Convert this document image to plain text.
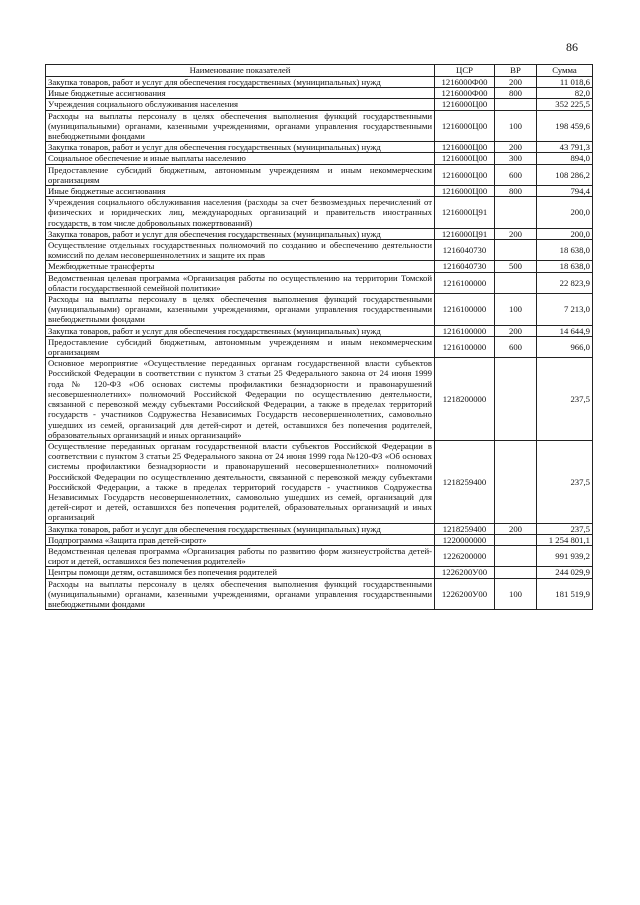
86
Наименование показателей	ЦСР	ВР	Сумма
Закупка товаров, работ и услуг для обеспечения государственных (муниципальных) нужд	1216000Ф00	200	11 018,6
Иные бюджетные ассигнования	1216000Ф00	800	82,0
Учреждения социального обслуживания населения	1216000Ц00		352 225,5
Расходы на выплаты персоналу в целях обеспечения выполнения функций государственными (муниципальными) органами, казенными учреждениями, органами управления государственными внебюджетными фондами	1216000Ц00	100	198 459,6
Закупка товаров, работ и услуг для обеспечения государственных (муниципальных) нужд	1216000Ц00	200	43 791,3
Социальное обеспечение и иные выплаты населению	1216000Ц00	300	894,0
Предоставление субсидий бюджетным, автономным учреждениям и иным некоммерческим организациям	1216000Ц00	600	108 286,2
Иные бюджетные ассигнования	1216000Ц00	800	794,4
Учреждения социального обслуживания населения (расходы за счет безвозмездных перечислений от физических и юридических лиц, международных организаций и правительств иностранных государств, в том числе добровольных пожертвований)	1216000Ц91		200,0
Закупка товаров, работ и услуг для обеспечения государственных (муниципальных) нужд	1216000Ц91	200	200,0
Осуществление отдельных государственных полномочий по созданию и обеспечению деятельности комиссий по делам несовершеннолетних и защите их прав	1216040730		18 638,0
Межбюджетные трансферты	1216040730	500	18 638,0
Ведомственная целевая программа «Организация работы по осуществлению на территории Томской области государственной семейной политики»	1216100000		22 823,9
Расходы на выплаты персоналу в целях обеспечения выполнения функций государственными (муниципальными) органами, казенными учреждениями, органами управления государственными внебюджетными фондами	1216100000	100	7 213,0
Закупка товаров, работ и услуг для обеспечения государственных (муниципальных) нужд	1216100000	200	14 644,9
Предоставление субсидий бюджетным, автономным учреждениям и иным некоммерческим организациям	1216100000	600	966,0
Основное мероприятие «Осуществление переданных органам государственной власти субъектов Российской Федерации в соответствии с пунктом 3 статьи 25 Федерального закона от 24 июня 1999 года № 120-ФЗ «Об основах системы профилактики безнадзорности и правонарушений несовершеннолетних» полномочий Российской Федерации по осуществлению деятельности, связанной с перевозкой между субъектами Российской Федерации, а также в пределах территорий государств - участников Содружества Независимых Государств несовершеннолетних, самовольно ушедших из семей, организаций для детей-сирот и детей, оставшихся без попечения родителей, образовательных организаций и иных организаций»	1218200000		237,5
Осуществление переданных органам государственной власти субъектов Российской Федерации в соответствии с пунктом 3 статьи 25 Федерального закона от 24 июня 1999 года №120-ФЗ «Об основах системы профилактики безнадзорности и правонарушений несовершеннолетних» полномочий Российской Федерации по осуществлению деятельности, связанной с перевозкой между субъектами Российской Федерации, а также в пределах территорий государств - участников Содружества Независимых Государств несовершеннолетних, самовольно ушедших из семей, организаций для детей-сирот и детей, оставшихся без попечения родителей, образовательных организаций и иных организаций	1218259400		237,5
Закупка товаров, работ и услуг для обеспечения государственных (муниципальных) нужд	1218259400	200	237,5
Подпрограмма «Защита прав детей-сирот»	1220000000		1 254 801,1
Ведомственная целевая программа «Организация работы по развитию форм жизнеустройства детей-сирот и детей, оставшихся без попечения родителей»	1226200000		991 939,2
Центры помощи детям, оставшимся без попечения родителей	1226200У00		244 029,9
Расходы на выплаты персоналу в целях обеспечения выполнения функций государственными (муниципальными) органами, казенными учреждениями, органами управления государственными внебюджетными фондами	1226200У00	100	181 519,9
